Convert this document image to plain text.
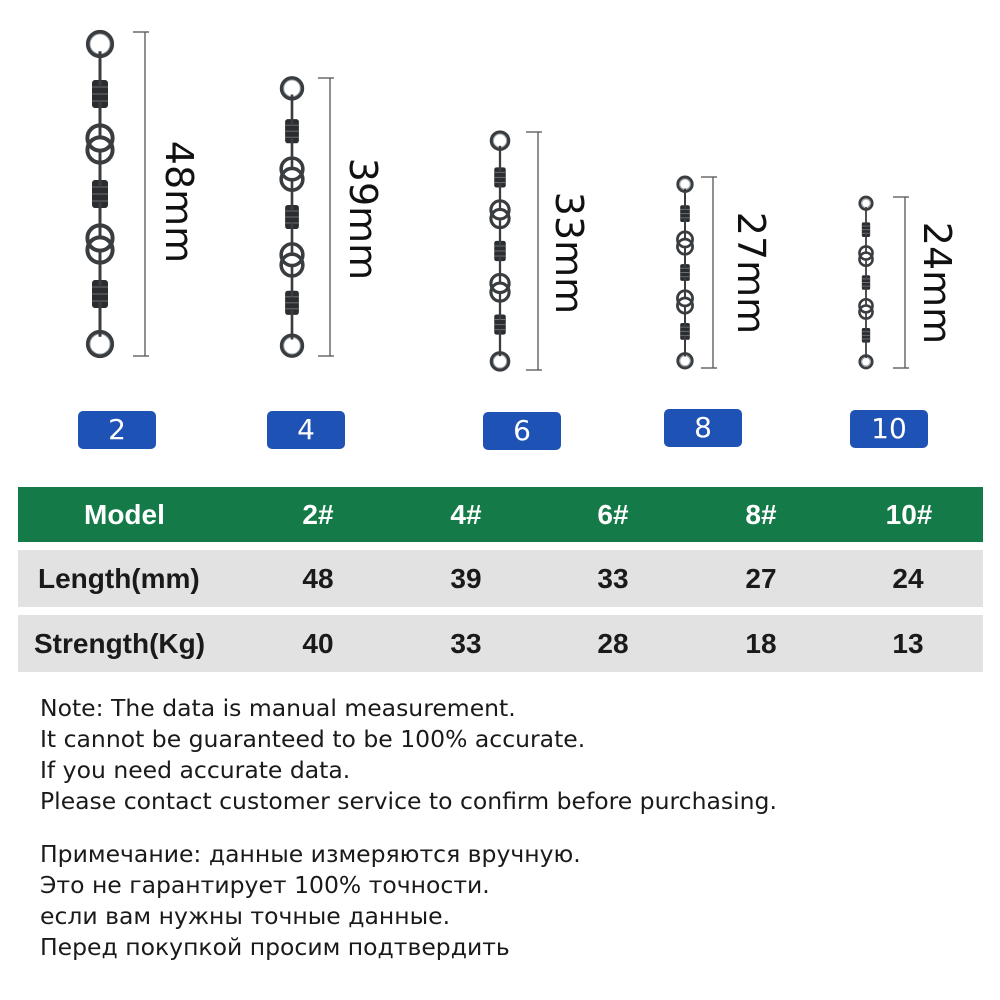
2	4	6	8	10
48mm	39mm	33mm	27mm	24mm
Model	2#	4#	6#	8#	10#
Length(mm)	48	39	33	27	24
Strength(Kg)	40	33	28	18	13

Note: The data is manual measurement.

It cannot be guaranteed to be 100% accurate.

If you need accurate data.

Please contact customer service to confirm before purchasing.

Примечание: данные измеряются вручную.

Это не гарантирует 100% точности.

если вам нужны точные данные.

Перед покупкой просим подтвердить
